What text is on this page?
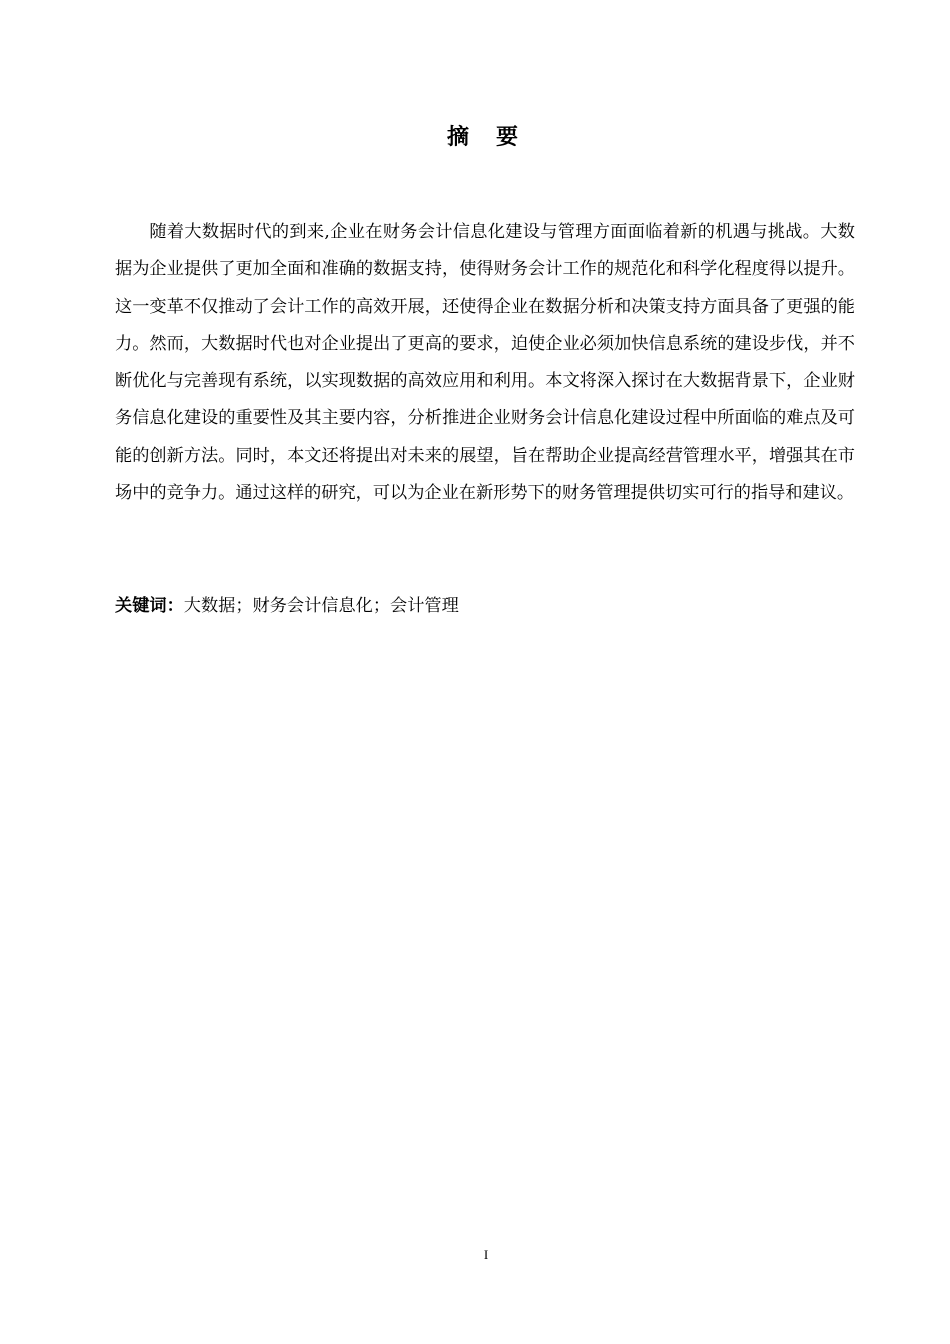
摘 要

随着大数据时代的到来,企业在财务会计信息化建设与管理方面面临着新的机遇与挑战。大数据为企业提供了更加全面和准确的数据支持，使得财务会计工作的规范化和科学化程度得以提升。这一变革不仅推动了会计工作的高效开展，还使得企业在数据分析和决策支持方面具备了更强的能力。然而，大数据时代也对企业提出了更高的要求，迫使企业必须加快信息系统的建设步伐，并不断优化与完善现有系统，以实现数据的高效应用和利用。本文将深入探讨在大数据背景下，企业财务信息化建设的重要性及其主要内容，分析推进企业财务会计信息化建设过程中所面临的难点及可能的创新方法。同时，本文还将提出对未来的展望，旨在帮助企业提高经营管理水平，增强其在市场中的竞争力。通过这样的研究，可以为企业在新形势下的财务管理提供切实可行的指导和建议。

关键词：大数据；财务会计信息化；会计管理

I
